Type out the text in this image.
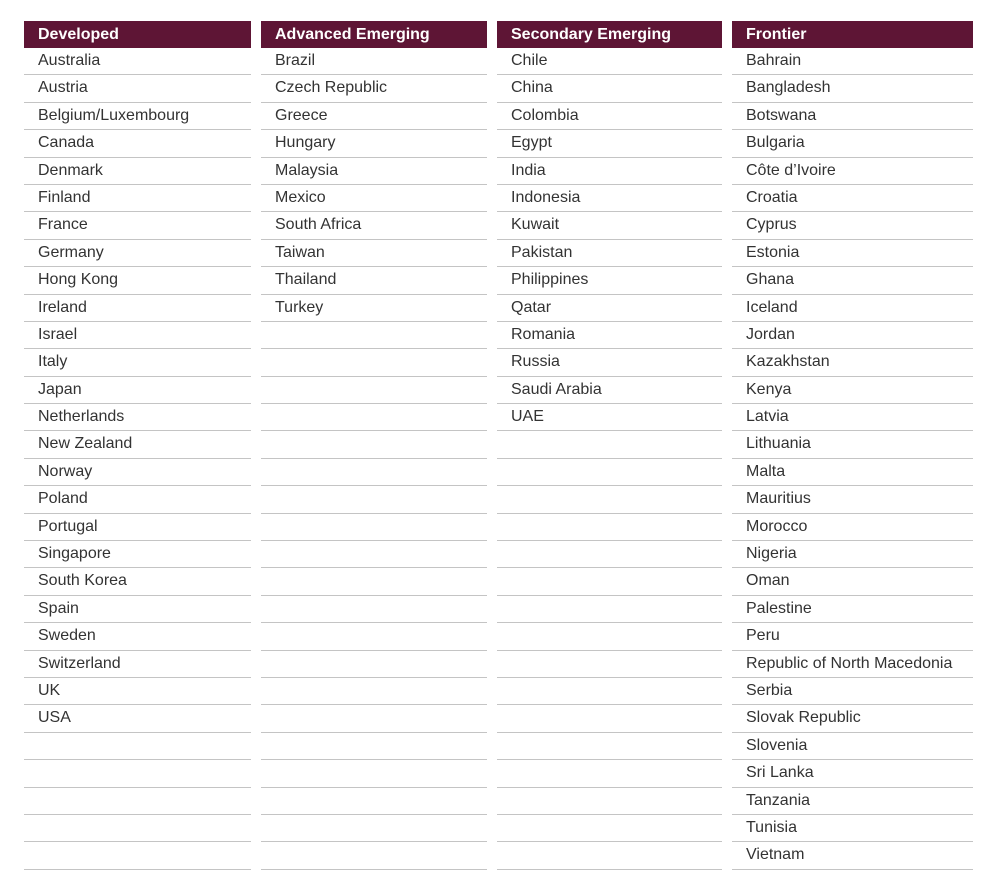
Developed
Australia
Austria
Belgium/Luxembourg
Canada
Denmark
Finland
France
Germany
Hong Kong
Ireland
Israel
Italy
Japan
Netherlands
New Zealand
Norway
Poland
Portugal
Singapore
South Korea
Spain
Sweden
Switzerland
UK
USA
Advanced Emerging
Brazil
Czech Republic
Greece
Hungary
Malaysia
Mexico
South Africa
Taiwan
Thailand
Turkey
Secondary Emerging
Chile
China
Colombia
Egypt
India
Indonesia
Kuwait
Pakistan
Philippines
Qatar
Romania
Russia
Saudi Arabia
UAE
Frontier
Bahrain
Bangladesh
Botswana
Bulgaria
Côte d’Ivoire
Croatia
Cyprus
Estonia
Ghana
Iceland
Jordan
Kazakhstan
Kenya
Latvia
Lithuania
Malta
Mauritius
Morocco
Nigeria
Oman
Palestine
Peru
Republic of North Macedonia
Serbia
Slovak Republic
Slovenia
Sri Lanka
Tanzania
Tunisia
Vietnam
